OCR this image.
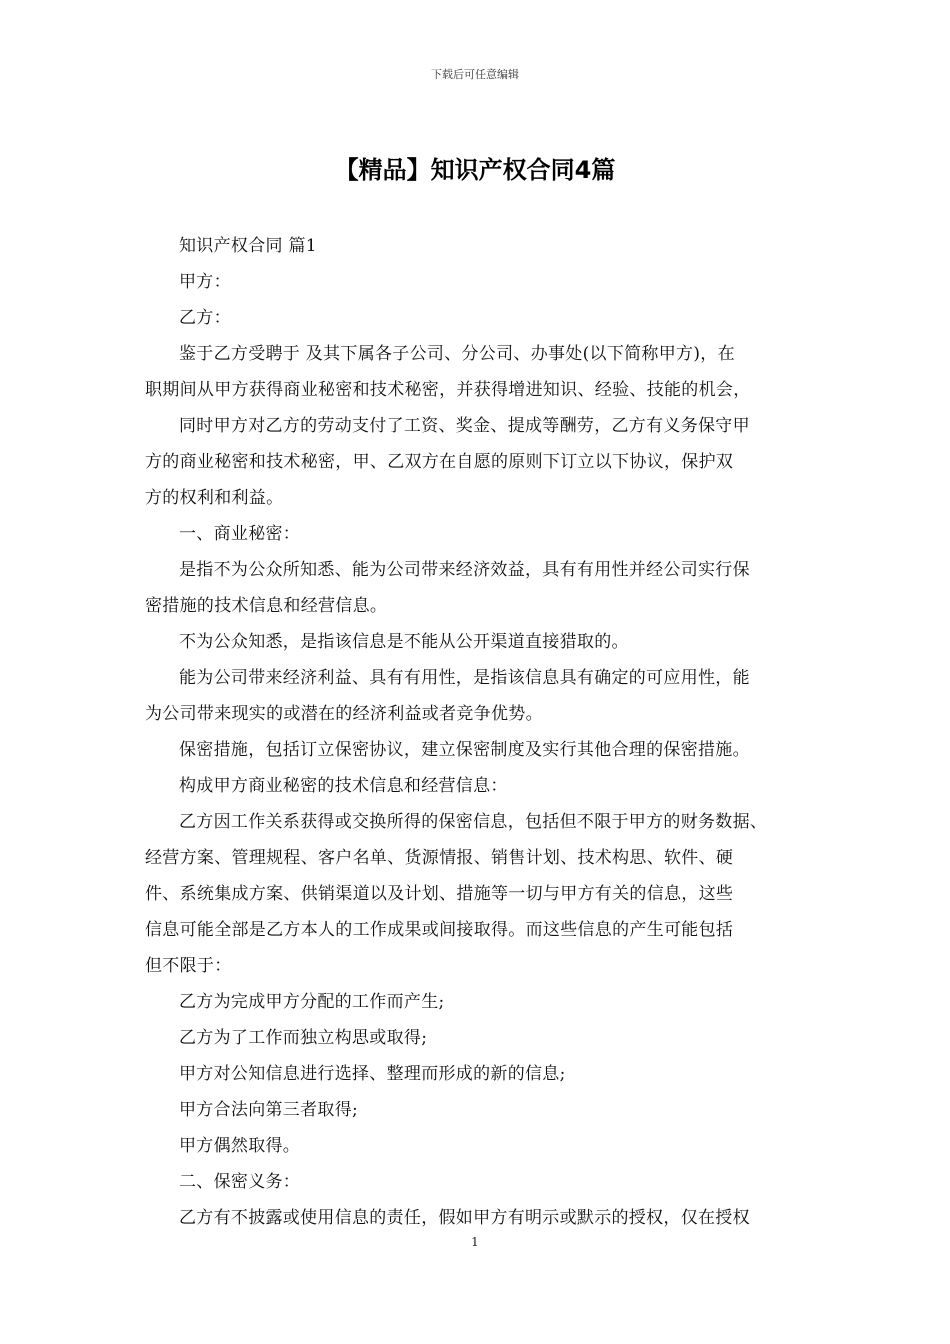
下载后可任意编辑
【精品】知识产权合同4篇

知识产权合同 篇1

甲方：

乙方：

鉴于乙方受聘于 及其下属各子公司、分公司、办事处(以下简称甲方)，在

职期间从甲方获得商业秘密和技术秘密，并获得增进知识、经验、技能的机会，

同时甲方对乙方的劳动支付了工资、奖金、提成等酬劳，乙方有义务保守甲

方的商业秘密和技术秘密，甲、乙双方在自愿的原则下订立以下协议，保护双

方的权利和利益。

一、商业秘密：

是指不为公众所知悉、能为公司带来经济效益，具有有用性并经公司实行保

密措施的技术信息和经营信息。

不为公众知悉，是指该信息是不能从公开渠道直接猎取的。

能为公司带来经济利益、具有有用性，是指该信息具有确定的可应用性，能

为公司带来现实的或潜在的经济利益或者竞争优势。

保密措施，包括订立保密协议，建立保密制度及实行其他合理的保密措施。

构成甲方商业秘密的技术信息和经营信息：

乙方因工作关系获得或交换所得的保密信息，包括但不限于甲方的财务数据、

经营方案、管理规程、客户名单、货源情报、销售计划、技术构思、软件、硬

件、系统集成方案、供销渠道以及计划、措施等一切与甲方有关的信息，这些

信息可能全部是乙方本人的工作成果或间接取得。而这些信息的产生可能包括

但不限于：

乙方为完成甲方分配的工作而产生;

乙方为了工作而独立构思或取得;

甲方对公知信息进行选择、整理而形成的新的信息;

甲方合法向第三者取得;

甲方偶然取得。

二、保密义务：

乙方有不披露或使用信息的责任，假如甲方有明示或默示的授权，仅在授权

1
